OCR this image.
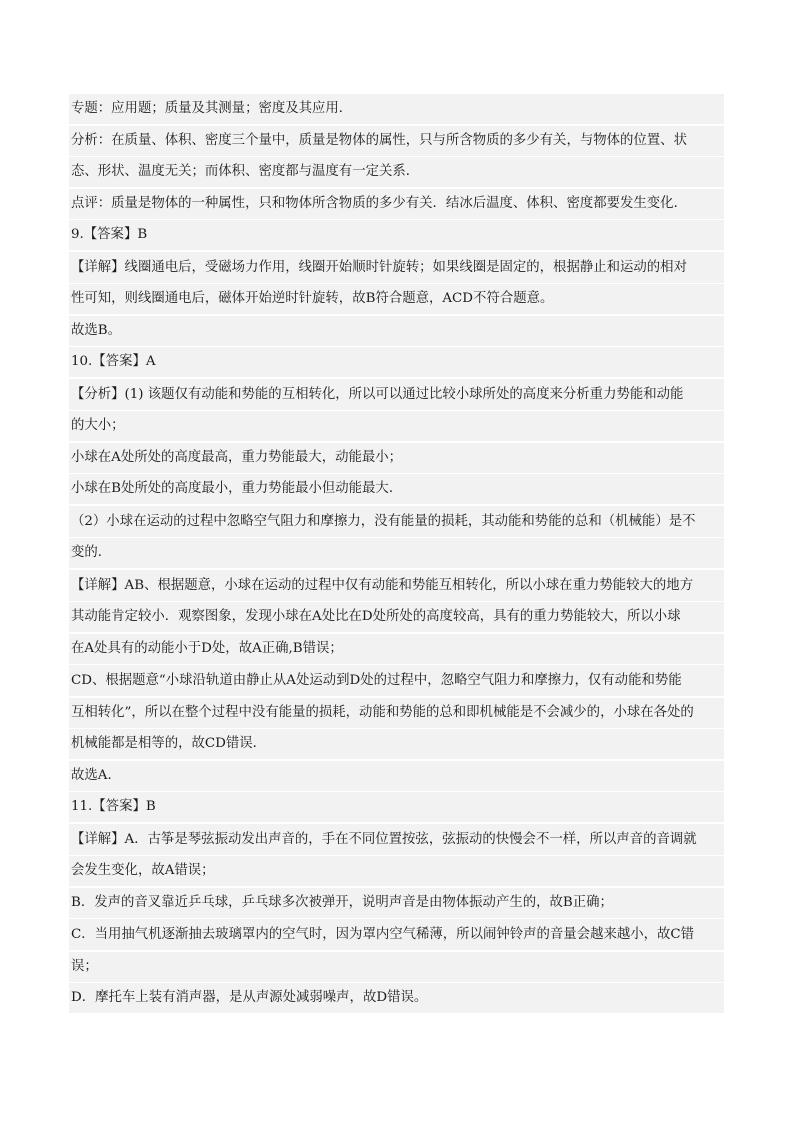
专题：应用题；质量及其测量；密度及其应用．
分析：在质量、体积、密度三个量中，质量是物体的属性，只与所含物质的多少有关，与物体的位置、状
态、形状、温度无关；而体积、密度都与温度有一定关系．
点评：质量是物体的一种属性，只和物体所含物质的多少有关．结冰后温度、体积、密度都要发生变化．
9.【答案】B
【详解】线圈通电后，受磁场力作用，线圈开始顺时针旋转；如果线圈是固定的，根据静止和运动的相对
性可知，则线圈通电后，磁体开始逆时针旋转，故B符合题意，ACD不符合题意。
故选B。
10.【答案】A
【分析】(1) 该题仅有动能和势能的互相转化，所以可以通过比较小球所处的高度来分析重力势能和动能
的大小；
小球在A处所处的高度最高，重力势能最大，动能最小；
小球在B处所处的高度最小，重力势能最小但动能最大．
（2）小球在运动的过程中忽略空气阻力和摩擦力，没有能量的损耗，其动能和势能的总和（机械能）是不
变的．
【详解】AB、根据题意，小球在运动的过程中仅有动能和势能互相转化，所以小球在重力势能较大的地方
其动能肯定较小．观察图象，发现小球在A处比在D处所处的高度较高，具有的重力势能较大，所以小球
在A处具有的动能小于D处，故A正确,B错误；
CD、根据题意“小球沿轨道由静止从A处运动到D处的过程中，忽略空气阻力和摩擦力，仅有动能和势能
互相转化”，所以在整个过程中没有能量的损耗，动能和势能的总和即机械能是不会减少的，小球在各处的
机械能都是相等的，故CD错误．
故选A．
11.【答案】B
【详解】A．古筝是琴弦振动发出声音的，手在不同位置按弦，弦振动的快慢会不一样，所以声音的音调就
会发生变化，故A错误；
B．发声的音叉靠近乒乓球，乒乓球多次被弹开，说明声音是由物体振动产生的，故B正确；
C．当用抽气机逐渐抽去玻璃罩内的空气时，因为罩内空气稀薄，所以闹钟铃声的音量会越来越小，故C错
误；
D．摩托车上装有消声器，是从声源处减弱噪声，故D错误。
